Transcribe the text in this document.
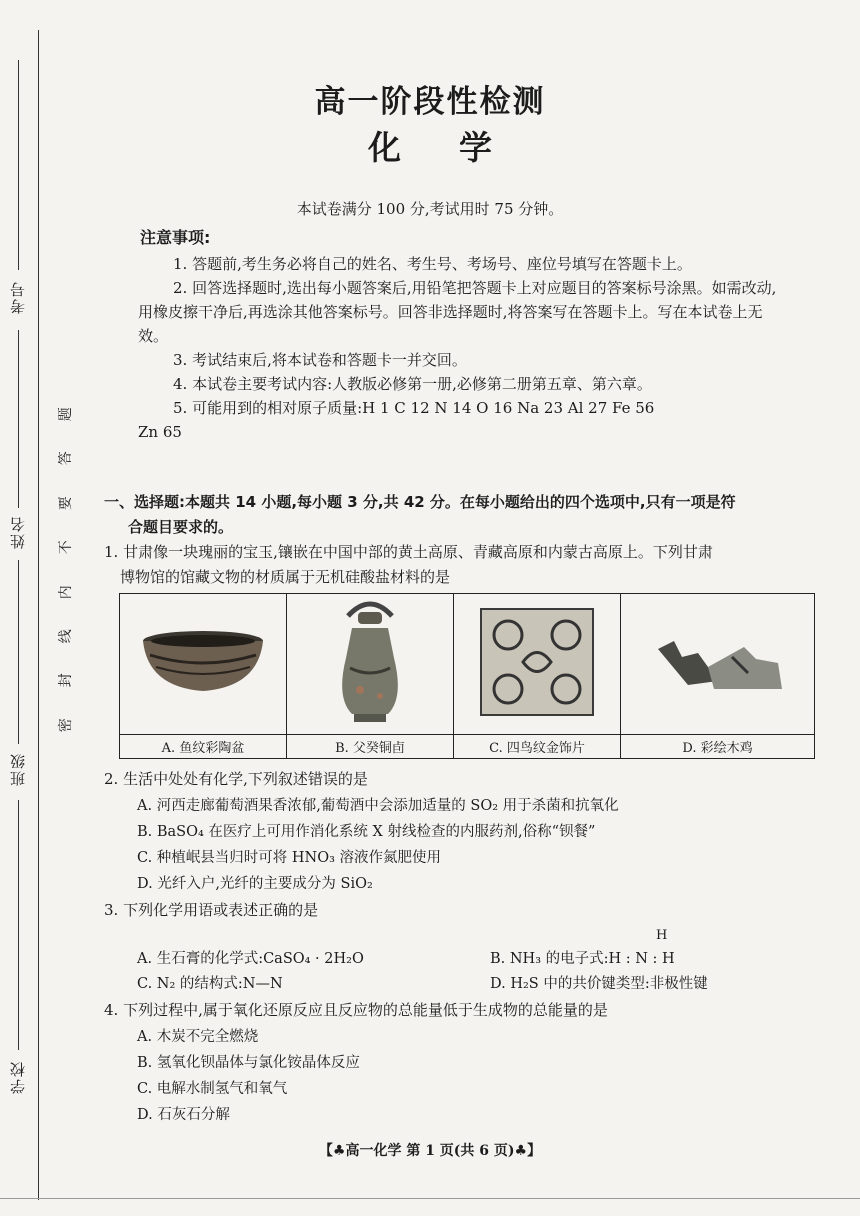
考号
姓名
班级
学校
题
答
要
不
内
线
封
密
高一阶段性检测
化学
本试卷满分 100 分,考试用时 75 分钟。
注意事项:
1. 答题前,考生务必将自己的姓名、考生号、考场号、座位号填写在答题卡上。
2. 回答选择题时,选出每小题答案后,用铅笔把答题卡上对应题目的答案标号涂黑。如需改动,用橡皮擦干净后,再选涂其他答案标号。回答非选择题时,将答案写在答题卡上。写在本试卷上无效。
3. 考试结束后,将本试卷和答题卡一并交回。
4. 本试卷主要考试内容:人教版必修第一册,必修第二册第五章、第六章。
5. 可能用到的相对原子质量:H 1 C 12 N 14 O 16 Na 23 Al 27 Fe 56
Zn 65
一、选择题:本题共 14 小题,每小题 3 分,共 42 分。在每小题给出的四个选项中,只有一项是符
合题目要求的。
1. 甘肃像一块瑰丽的宝玉,镶嵌在中国中部的黄土高原、青藏高原和内蒙古高原上。下列甘肃
博物馆的馆藏文物的材质属于无机硅酸盐材料的是

A. 鱼纹彩陶盆	B. 父癸铜卣	C. 四鸟纹金饰片	D. 彩绘木鸡
2. 生活中处处有化学,下列叙述错误的是
A. 河西走廊葡萄酒果香浓郁,葡萄酒中会添加适量的 SO₂ 用于杀菌和抗氧化
B. BaSO₄ 在医疗上可用作消化系统 X 射线检查的内服药剂,俗称“钡餐”
C. 种植岷县当归时可将 HNO₃ 溶液作氮肥使用
D. 光纤入户,光纤的主要成分为 SiO₂
3. 下列化学用语或表述正确的是
H
A. 生石膏的化学式:CaSO₄ · 2H₂O	B. NH₃ 的电子式:H : N : H
C. N₂ 的结构式:N—N	D. H₂S 中的共价键类型:非极性键
4. 下列过程中,属于氧化还原反应且反应物的总能量低于生成物的总能量的是
A. 木炭不完全燃烧
B. 氢氧化钡晶体与氯化铵晶体反应
C. 电解水制氢气和氧气
D. 石灰石分解
【♣高一化学 第 1 页(共 6 页)♣】
